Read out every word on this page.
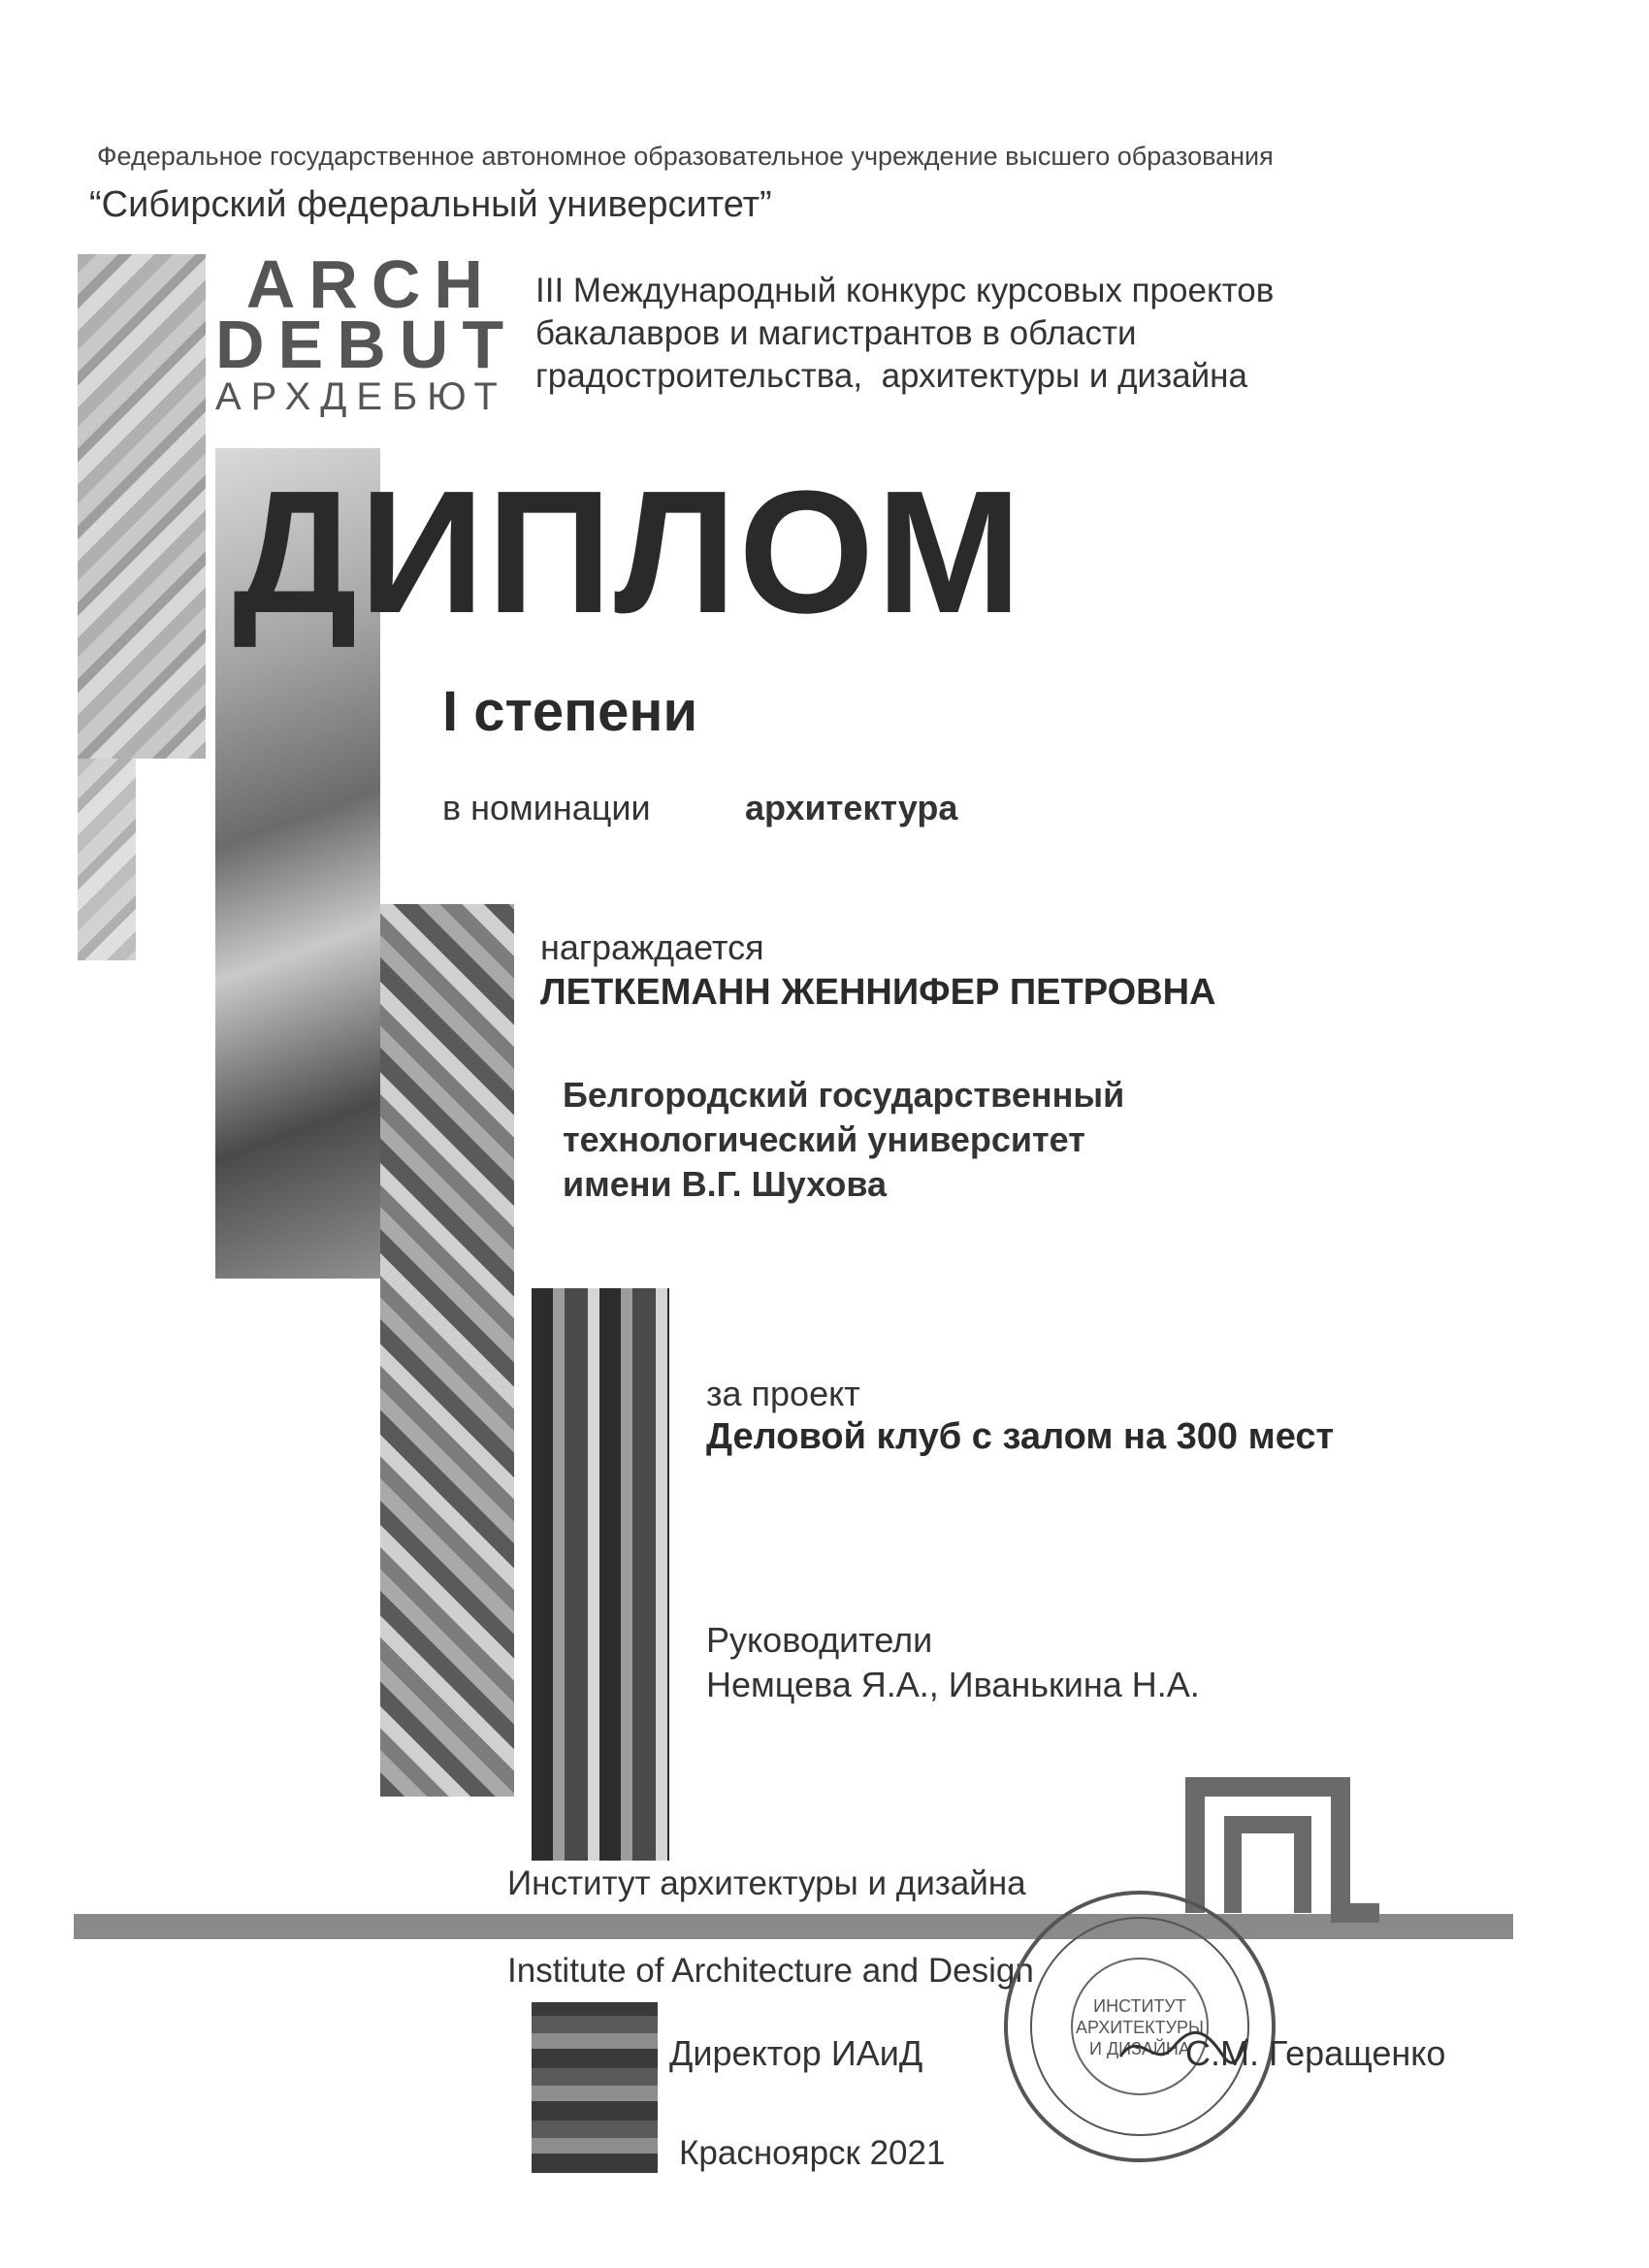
Федеральное государственное автономное образовательное учреждение высшего образования
“Сибирский федеральный университет”
ARCH
DEBUT
АРХДЕБЮТ
III Международный конкурс курсовых проектов
бакалавров и магистрантов в области
градостроительства,  архитектуры и дизайна
ДИПЛОМ
I степени
в номинации	архитектура
награждается
ЛЕТКЕМАНН ЖЕННИФЕР ПЕТРОВНА
Белгородский государственный
технологический университет
имени В.Г. Шухова
за проект
Деловой клуб с залом на 300 мест
Руководители
Немцева Я.А., Иванькина Н.А.
Институт архитектуры и дизайна
Institute of Architecture and Design
ИНСТИТУТ
АРХИТЕКТУРЫ
И ДИЗАЙНА
Директор ИАиД	С.М. Геращенко
Красноярск 2021
